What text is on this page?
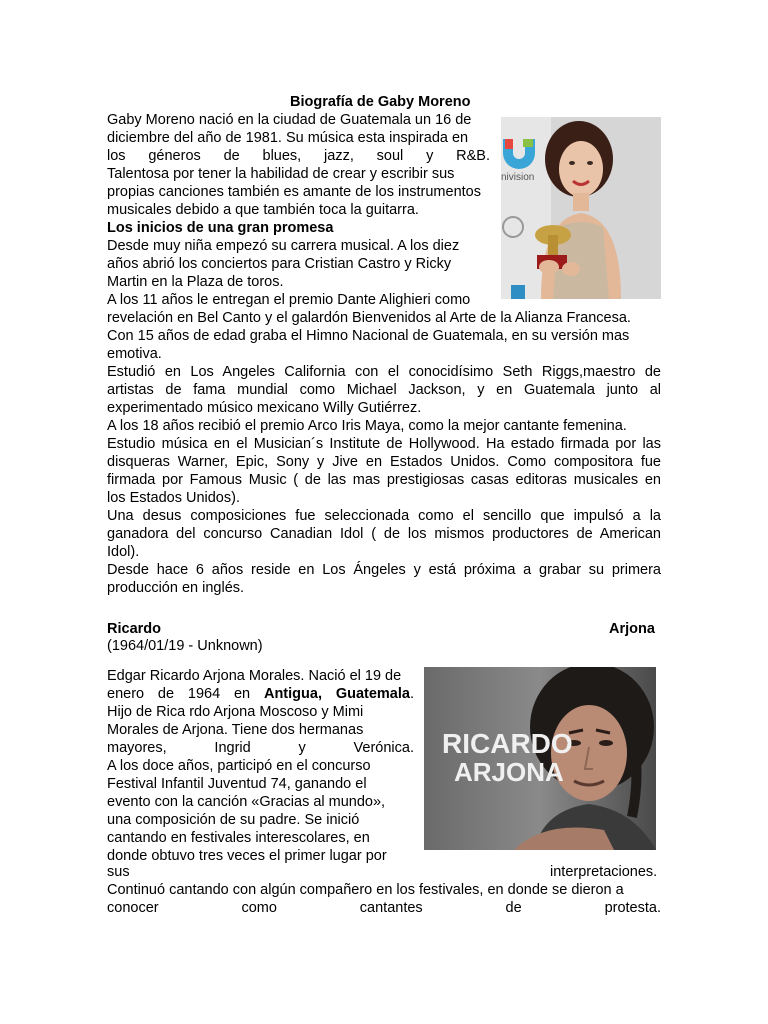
Biografía de Gaby Moreno
Gaby Moreno nació en la ciudad de Guatemala un 16 de
diciembre del año de 1981. Su música esta inspirada en
los géneros de blues, jazz, soul y R&B.
Talentosa por tener la habilidad de crear y escribir sus
propias canciones también es amante de los instrumentos
musicales debido a que también toca la guitarra.
Los inicios de una gran promesa
Desde muy niña empezó su carrera musical. A los diez
años abrió los conciertos para Cristian Castro y Ricky
Martin en la Plaza de toros.
A los 11 años le entregan el premio Dante Alighieri como
revelación en Bel Canto y el galardón Bienvenidos al Arte de la Alianza Francesa.
Con 15 años de edad graba el Himno Nacional de Guatemala, en su versión mas
emotiva.
Estudió en Los Angeles California con el conocidísimo Seth Riggs,maestro de
artistas de fama mundial como Michael Jackson, y en Guatemala junto al
experimentado músico mexicano Willy Gutiérrez.
A los 18 años recibió el premio Arco Iris Maya, como la mejor cantante femenina.
Estudio música en el Musician´s Institute de Hollywood. Ha estado firmada por las
disqueras Warner, Epic, Sony y Jive en Estados Unidos. Como compositora fue
firmada por Famous Music ( de las mas prestigiosas casas editoras musicales en
los Estados Unidos).
Una desus composiciones fue seleccionada como el sencillo que impulsó a la
ganadora del concurso Canadian Idol ( de los mismos productores de American
Idol).
Desde hace 6 años reside en Los Ángeles y está próxima a grabar su primera
producción en inglés.
nivision
Ricardo	Arjona
(1964/01/19 - Unknown)
Edgar Ricardo Arjona Morales. Nació el 19 de
enero de 1964 en Antigua, Guatemala.
Hijo de Rica rdo Arjona Moscoso y Mimi
Morales de Arjona. Tiene dos hermanas
mayores, Ingrid y Verónica.
A los doce años, participó en el concurso
Festival Infantil Juventud 74, ganando el
evento con la canción «Gracias al mundo»,
una composición de su padre. Se inició
cantando en festivales interescolares, en
donde obtuvo tres veces el primer lugar por
sus	interpretaciones.
Continuó cantando con algún compañero en los festivales, en donde se dieron a
conocer como cantantes de protesta.
RICARDO
ARJONA
